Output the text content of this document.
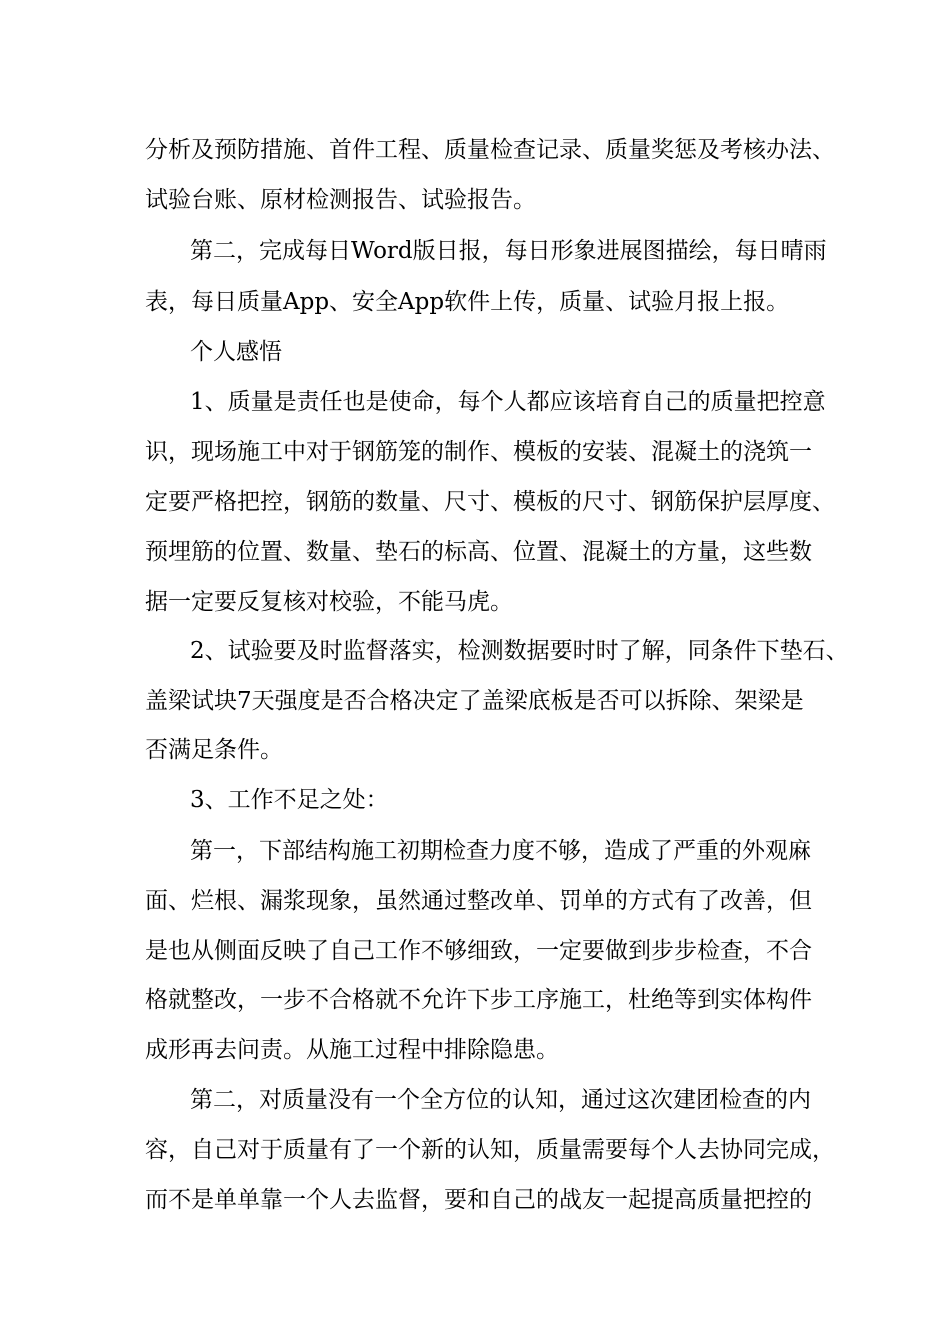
分析及预防措施、首件工程、质量检查记录、质量奖惩及考核办法、
试验台账、原材检测报告、试验报告。
第二，完成每日Word版日报，每日形象进展图描绘，每日晴雨
表，每日质量App、安全App软件上传，质量、试验月报上报。
个人感悟
1、质量是责任也是使命，每个人都应该培育自己的质量把控意
识，现场施工中对于钢筋笼的制作、模板的安装、混凝土的浇筑一
定要严格把控，钢筋的数量、尺寸、模板的尺寸、钢筋保护层厚度、
预埋筋的位置、数量、垫石的标高、位置、混凝土的方量，这些数
据一定要反复核对校验，不能马虎。
2、试验要及时监督落实，检测数据要时时了解，同条件下垫石、
盖梁试块7天强度是否合格决定了盖梁底板是否可以拆除、架梁是
否满足条件。
3、工作不足之处：
第一，下部结构施工初期检查力度不够，造成了严重的外观麻
面、烂根、漏浆现象，虽然通过整改单、罚单的方式有了改善，但
是也从侧面反映了自己工作不够细致，一定要做到步步检查，不合
格就整改，一步不合格就不允许下步工序施工，杜绝等到实体构件
成形再去问责。从施工过程中排除隐患。
第二，对质量没有一个全方位的认知，通过这次建团检查的内
容，自己对于质量有了一个新的认知，质量需要每个人去协同完成，
而不是单单靠一个人去监督，要和自己的战友一起提高质量把控的
